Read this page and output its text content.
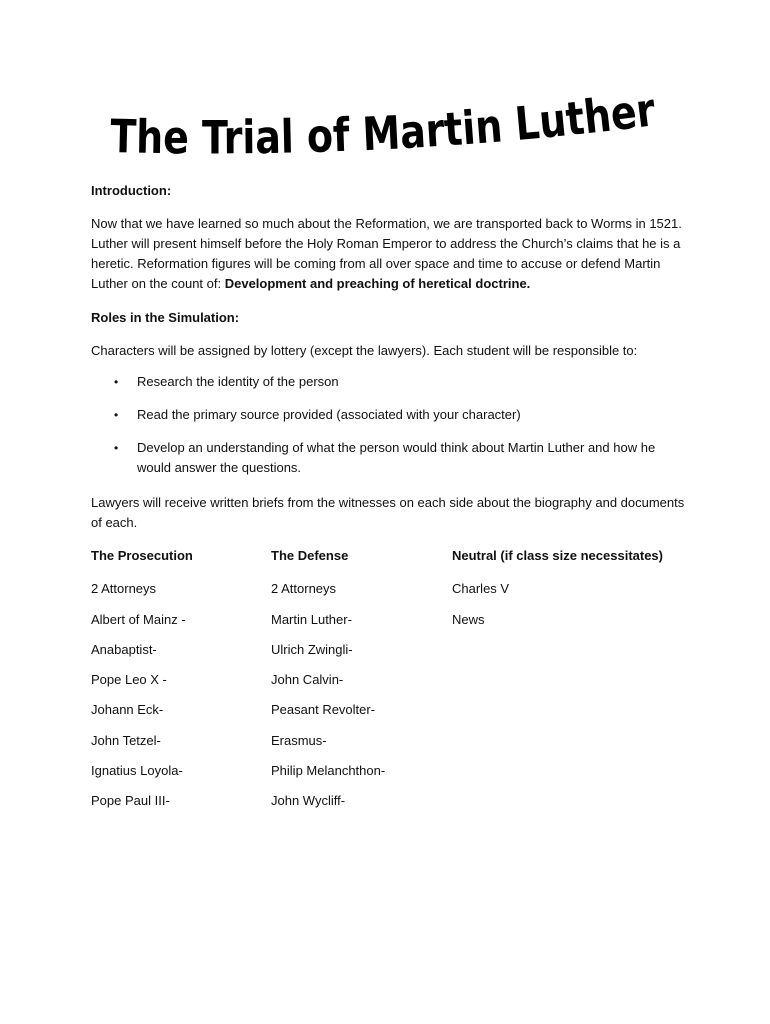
The Trial of Martin Luther
Introduction:
Now that we have learned so much about the Reformation, we are transported back to Worms in 1521. Luther will present himself before the Holy Roman Emperor to address the Church’s claims that he is a heretic. Reformation figures will be coming from all over space and time to accuse or defend Martin Luther on the count of: Development and preaching of heretical doctrine.
Roles in the Simulation:
Characters will be assigned by lottery (except the lawyers). Each student will be responsible to:
• Research the identity of the person
• Read the primary source provided (associated with your character)
• Develop an understanding of what the person would think about Martin Luther and how he would answer the questions.
Lawyers will receive written briefs from the witnesses on each side about the biography and documents of each.
The Prosecution	The Defense	Neutral (if class size necessitates)
2 Attorneys	2 Attorneys	Charles V
Albert of Mainz -	Martin Luther-	News
Anabaptist-	Ulrich Zwingli-
Pope Leo X -	John Calvin-
Johann Eck-	Peasant Revolter-
John Tetzel-	Erasmus-
Ignatius Loyola-	Philip Melanchthon-
Pope Paul III-	John Wycliff-
